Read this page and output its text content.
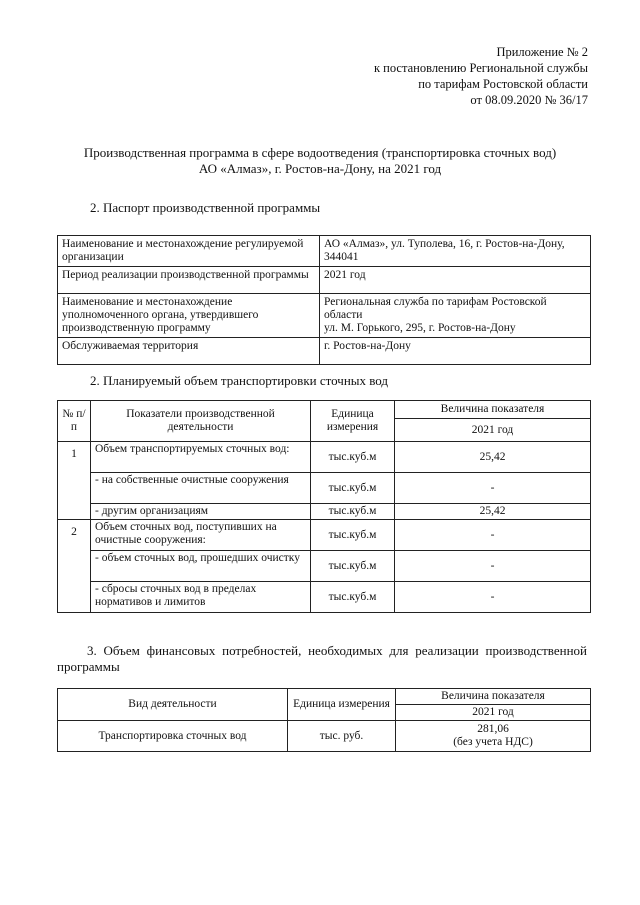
Приложение № 2
к постановлению Региональной службы
по тарифам Ростовской области
от 08.09.2020 № 36/17
Производственная программа в сфере водоотведения (транспортировка сточных вод)
АО «Алмаз», г. Ростов-на-Дону, на 2021 год
2. Паспорт производственной программы
Наименование и местонахождение регулируемой организации	АО «Алмаз», ул. Туполева, 16, г. Ростов-на-Дону, 344041
Период реализации производственной программы	2021 год
Наименование и местонахождение уполномоченного органа, утвердившего производственную программу	Региональная служба по тарифам Ростовской области
ул. М. Горького, 295, г. Ростов-на-Дону

Обслуживаемая территория	г. Ростов-на-Дону
2. Планируемый объем транспортировки сточных вод
№ п/п	Показатели производственной деятельности	Единица измерения	Величина показателя
			2021 год
1	Объем транспортируемых сточных вод:	тыс.куб.м	25,42
	- на собственные очистные сооружения	тыс.куб.м	-
	- другим организациям	тыс.куб.м	25,42
2	Объем сточных вод, поступивших на очистные сооружения:	тыс.куб.м	-
	- объем сточных вод, прошедших очистку	тыс.куб.м	-
	- сбросы сточных вод в пределах нормативов и лимитов	тыс.куб.м	-
3. Объем финансовых потребностей, необходимых для реализации производственной программы
Вид деятельности	Единица измерения	Величина показателя
		2021 год
Транспортировка сточных вод	тыс. руб.	281,06
(без учета НДС)
